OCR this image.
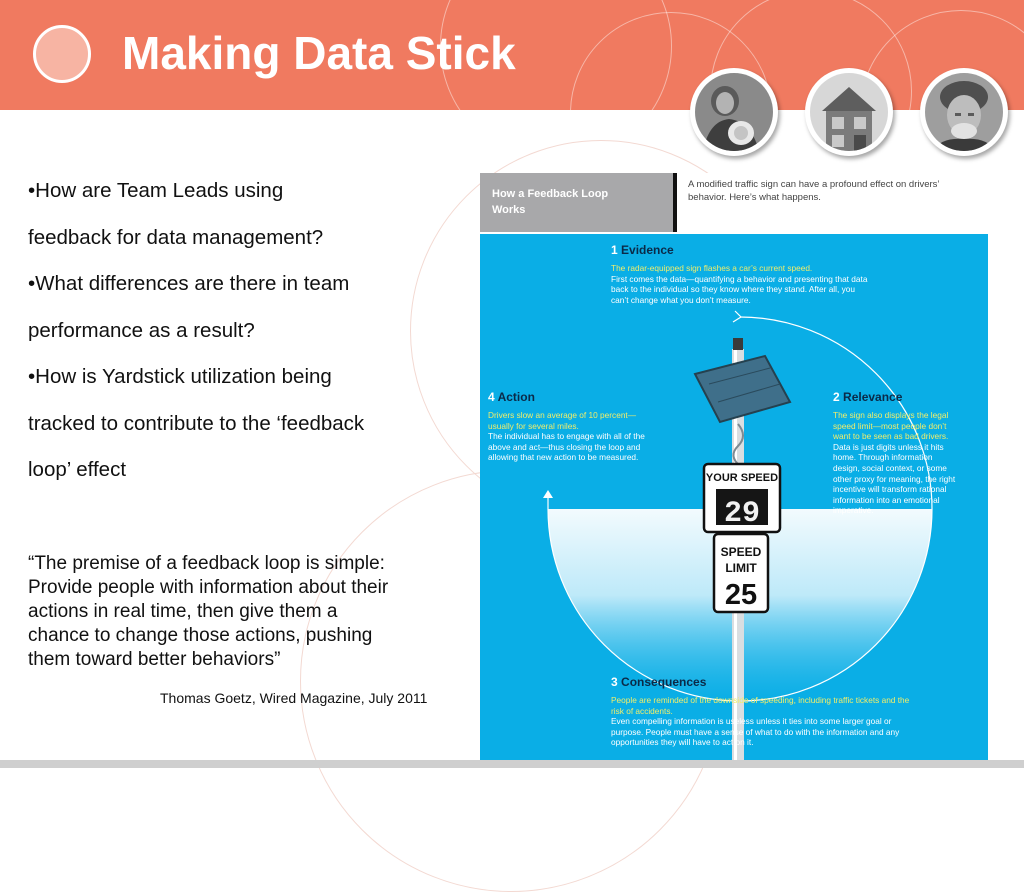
Making Data Stick
•How are Team Leads using
feedback for data management?
•What differences are there in team
performance as a result?
•How is Yardstick utilization being
tracked to contribute to the ‘feedback
loop’ effect
“The premise of a feedback loop is simple:
Provide people with information about their
actions in real time, then give them a
chance to change those actions, pushing
them toward better behaviors”
Thomas Goetz, Wired Magazine, July 2011
How a Feedback Loop
Works
A modified traffic sign can have a profound effect on drivers’
behavior. Here’s what happens.
YOUR SPEED
29
SPEED
LIMIT
25
1 Evidence
The radar-equipped sign flashes a car’s current speed.
First comes the data—quantifying a behavior and presenting that data
back to the individual so they know where they stand. After all, you
can’t change what you don’t measure.
2 Relevance
The sign also displays the legal
speed limit—most people don’t
want to be seen as bad drivers.
Data is just digits unless it hits
home. Through information
design, social context, or some
other proxy for meaning, the right
incentive will transform rational
information into an emotional
imperative.
4 Action
Drivers slow an average of 10 percent—
usually for several miles.
The individual has to engage with all of the
above and act—thus closing the loop and
allowing that new action to be measured.
3 Consequences
People are reminded of the downside of speeding, including traffic tickets and the
risk of accidents.
Even compelling information is useless unless it ties into some larger goal or
purpose. People must have a sense of what to do with the information and any
opportunities they will have to act on it.
